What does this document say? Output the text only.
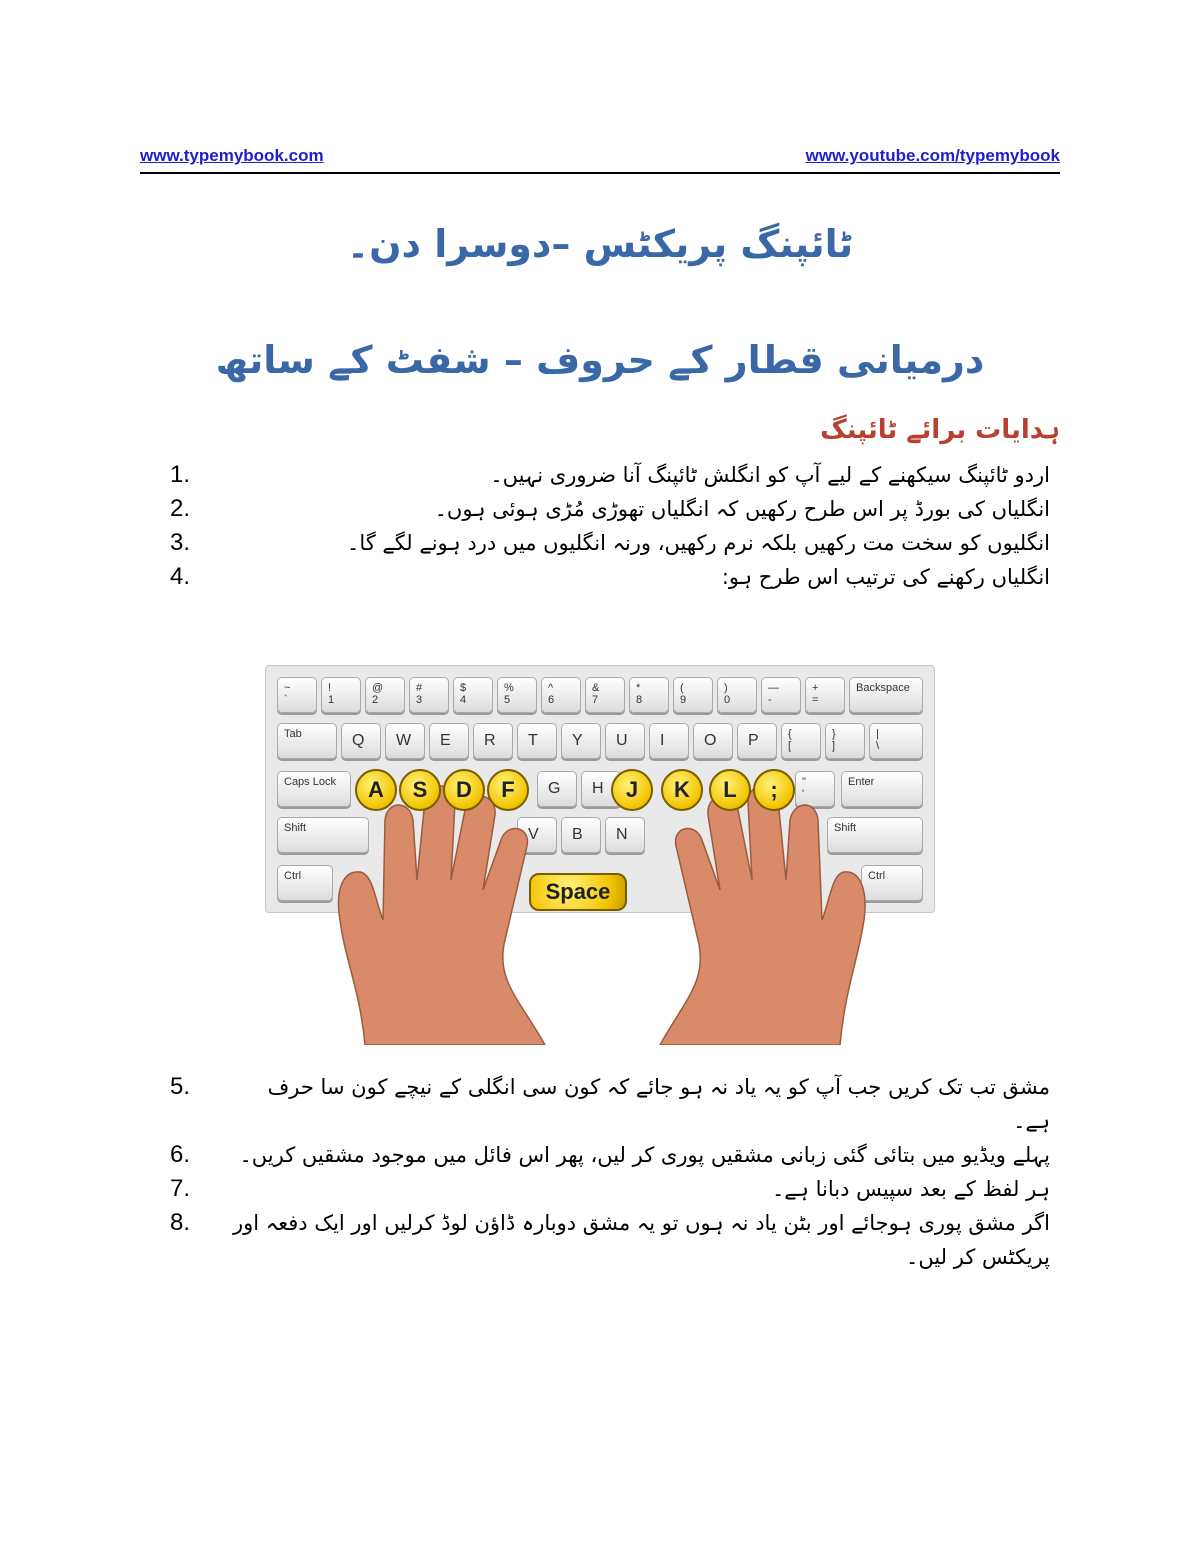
www.typemybook.com	www.youtube.com/typemybook
ٹائپنگ پریکٹس –دوسرا دن۔
درمیانی قطار کے حروف – شفٹ کے ساتھ
ہدایات برائے ٹائپنگ
اردو ٹائپنگ سیکھنے کے لیے آپ کو انگلش ٹائپنگ آنا ضروری نہیں۔
1.
انگلیاں کی بورڈ پر اس طرح رکھیں کہ انگلیاں تھوڑی مُڑی ہوئی ہوں۔
2.
انگلیوں کو سخت مت رکھیں بلکہ نرم رکھیں، ورنہ انگلیوں میں درد ہونے لگے گا۔
3.
انگلیاں رکھنے کی ترتیب اس طرح ہو:
4.
~
`
!
1
@
2
#
3
$
4
%
5
^
6
&
7
*
8
(
9
)
0
—
-
+
=
Backspace
Tab	Q W E R T Y U I O P	{
[
}
]
|
\
Caps Lock	G H	"
'
Enter
Shift	V B N	Shift
Ctrl	Ctrl
A	S	D	F	J	K	L	;
Space
مشق تب تک کریں جب آپ کو یہ یاد نہ ہو جائے کہ کون سی انگلی کے نیچے کون سا حرف ہے۔
5.
پہلے ویڈیو میں بتائی گئی زبانی مشقیں پوری کر لیں، پھر اس فائل میں موجود مشقیں کریں۔
6.
ہر لفظ کے بعد سپیس دبانا ہے۔
7.
اگر مشق پوری ہوجائے اور بٹن یاد نہ ہوں تو یہ مشق دوبارہ ڈاؤن لوڈ کرلیں اور ایک دفعہ اور پریکٹس کر لیں۔
8.
